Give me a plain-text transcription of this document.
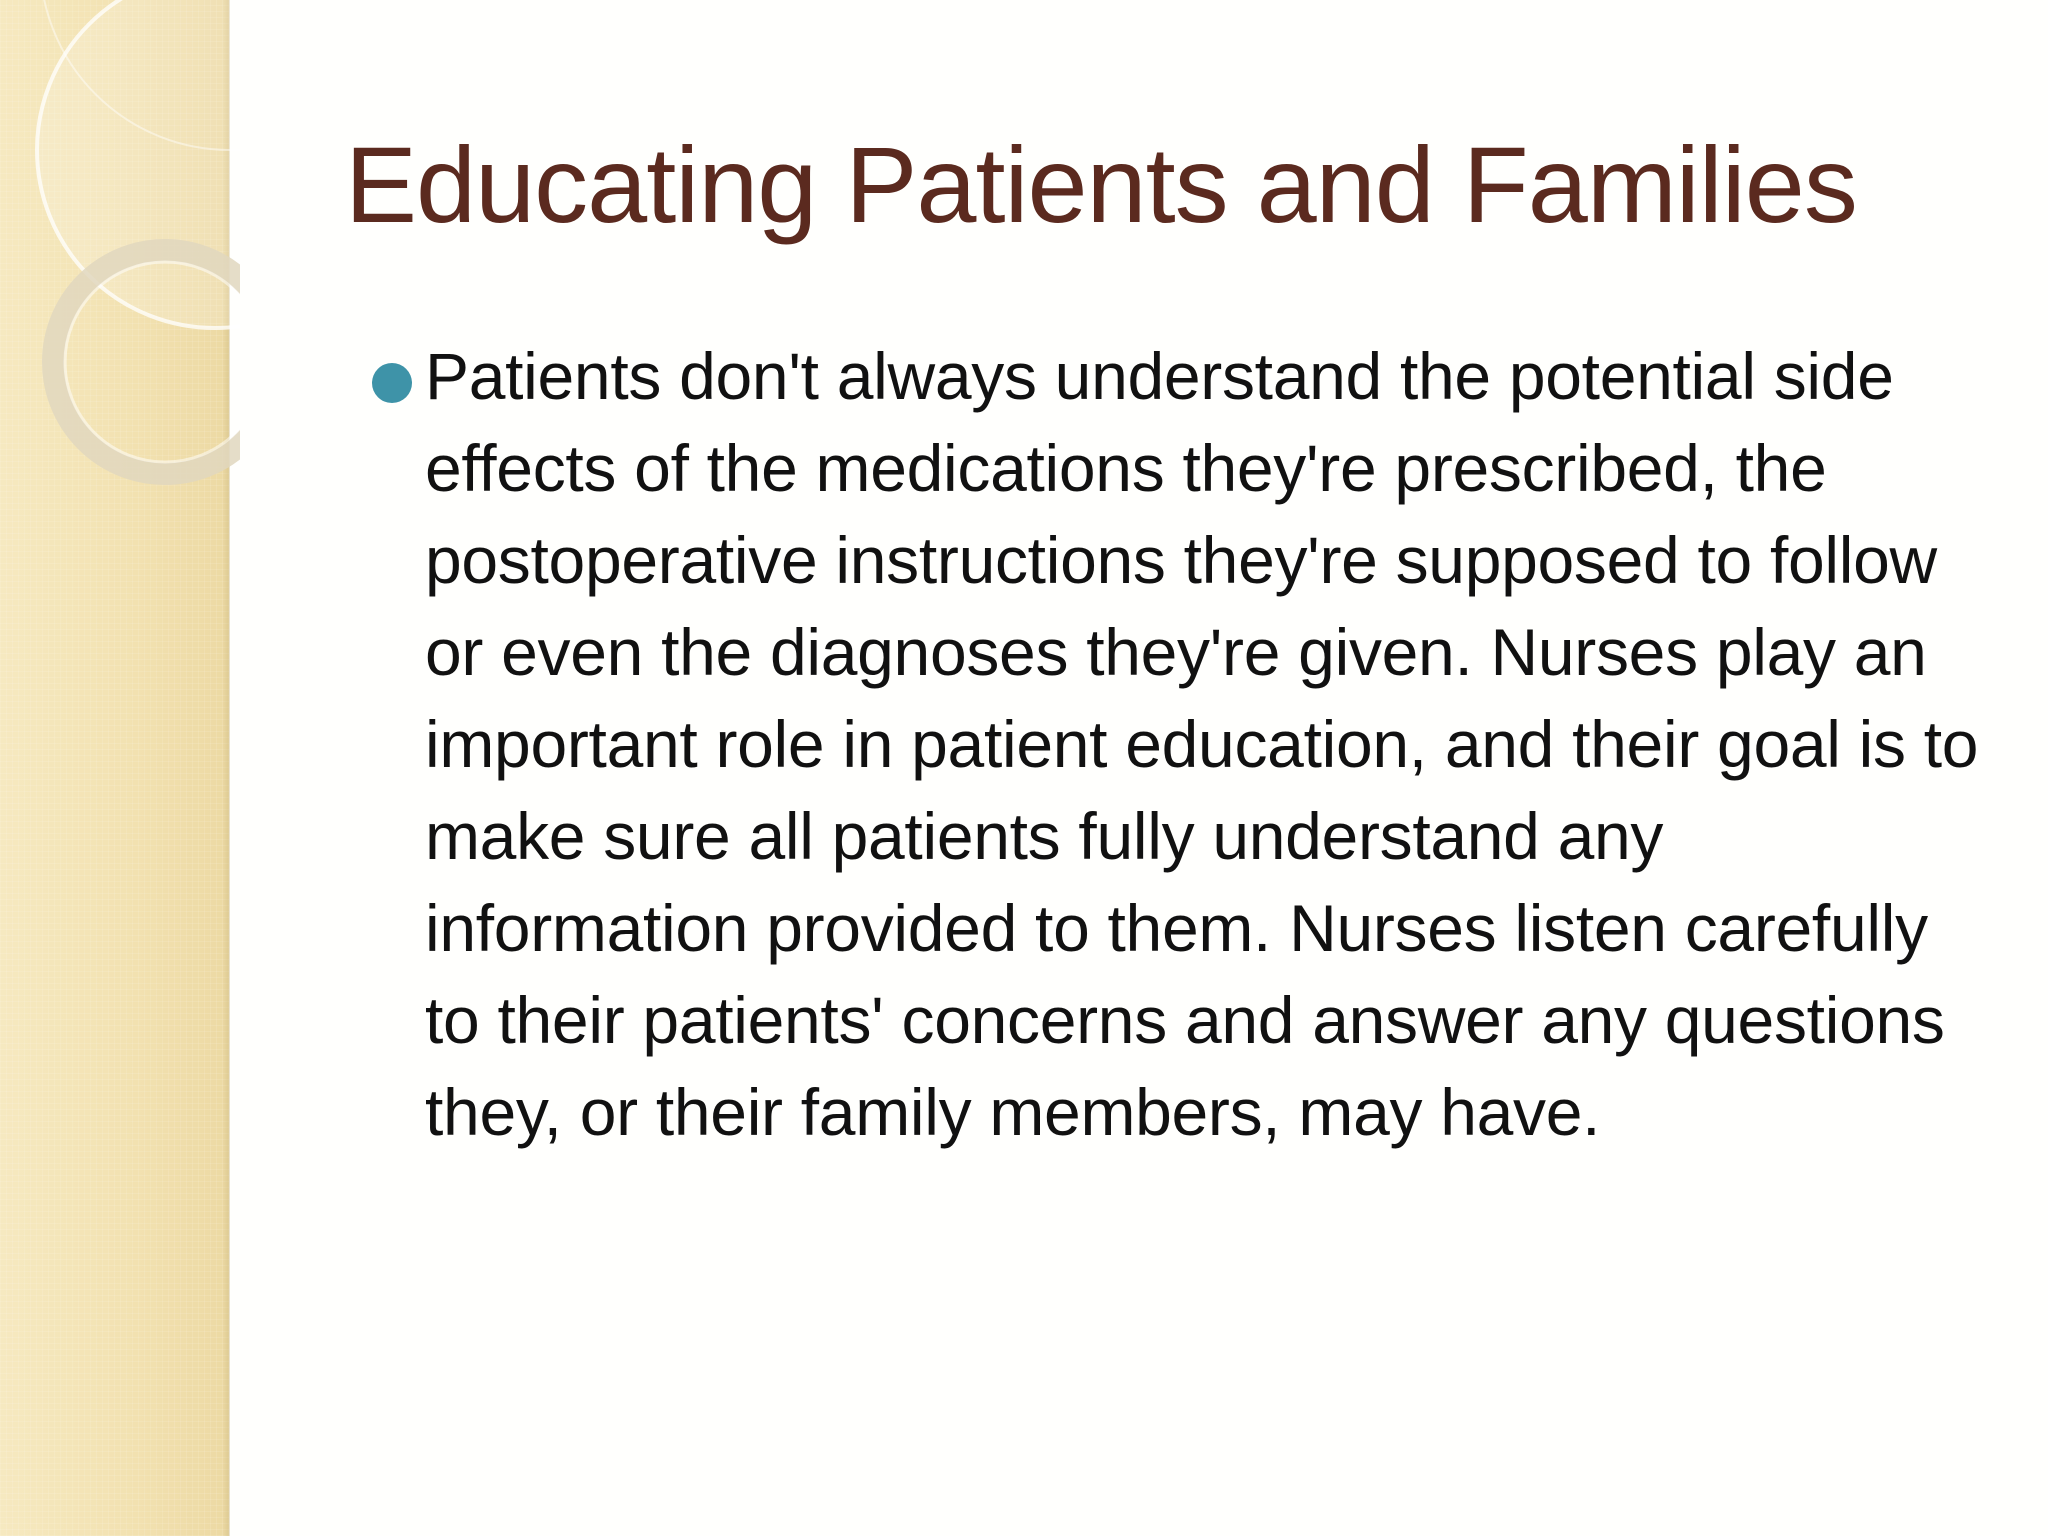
Educating Patients and Families
Patients don't always understand the potential side effects of the medications they're prescribed, the postoperative instructions they're supposed to follow or even the diagnoses they're given. Nurses play an important role in patient education, and their goal is to make sure all patients fully understand any information provided to them. Nurses listen carefully to their patients' concerns and answer any questions they, or their family members, may have.
